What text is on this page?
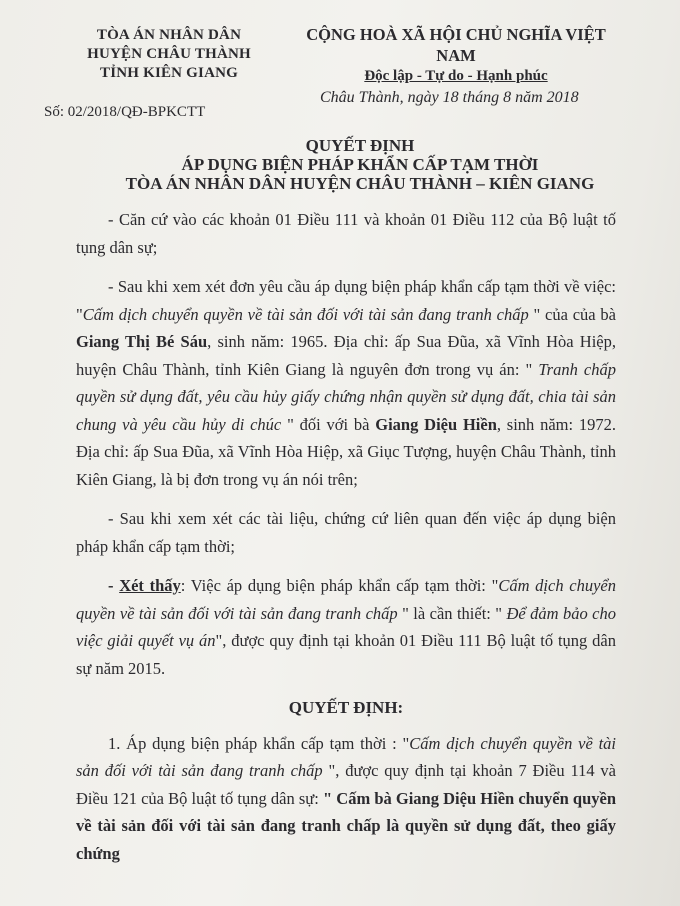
TÒA ÁN NHÂN DÂN
HUYỆN CHÂU THÀNH
TỈNH KIÊN GIANG
CỘNG HOÀ XÃ HỘI CHỦ NGHĨA VIỆT NAM
Độc lập - Tự do - Hạnh phúc
Châu Thành, ngày 18 tháng 8 năm 2018
Số: 02/2018/QĐ-BPKCTT
QUYẾT ĐỊNH
ÁP DỤNG BIỆN PHÁP KHẨN CẤP TẠM THỜI
TÒA ÁN NHÂN DÂN HUYỆN CHÂU THÀNH – KIÊN GIANG

- Căn cứ vào các khoản 01 Điều 111 và khoản 01 Điều 112 của Bộ luật tố tụng dân sự;

- Sau khi xem xét đơn yêu cầu áp dụng biện pháp khẩn cấp tạm thời về việc: "Cấm dịch chuyển quyền về tài sản đối với tài sản đang tranh chấp " của của bà Giang Thị Bé Sáu, sinh năm: 1965. Địa chỉ: ấp Sua Đũa, xã Vĩnh Hòa Hiệp, huyện Châu Thành, tỉnh Kiên Giang là nguyên đơn trong vụ án: " Tranh chấp quyền sử dụng đất, yêu cầu hủy giấy chứng nhận quyền sử dụng đất, chia tài sản chung và yêu cầu hủy di chúc " đối với bà Giang Diệu Hiền, sinh năm: 1972. Địa chỉ: ấp Sua Đũa, xã Vĩnh Hòa Hiệp, xã Giục Tượng, huyện Châu Thành, tỉnh Kiên Giang, là bị đơn trong vụ án nói trên;

- Sau khi xem xét các tài liệu, chứng cứ liên quan đến việc áp dụng biện pháp khẩn cấp tạm thời;

- Xét thấy: Việc áp dụng biện pháp khẩn cấp tạm thời: "Cấm dịch chuyển quyền về tài sản đối với tài sản đang tranh chấp " là cần thiết: " Để đảm bảo cho việc giải quyết vụ án", được quy định tại khoản 01 Điều 111 Bộ luật tố tụng dân sự năm 2015.

QUYẾT ĐỊNH:

1. Áp dụng biện pháp khẩn cấp tạm thời : "Cấm dịch chuyển quyền về tài sản đối với tài sản đang tranh chấp ", được quy định tại khoản 7 Điều 114 và Điều 121 của Bộ luật tố tụng dân sự: " Cấm bà Giang Diệu Hiền chuyển quyền về tài sản đối với tài sản đang tranh chấp là quyền sử dụng đất, theo giấy chứng
